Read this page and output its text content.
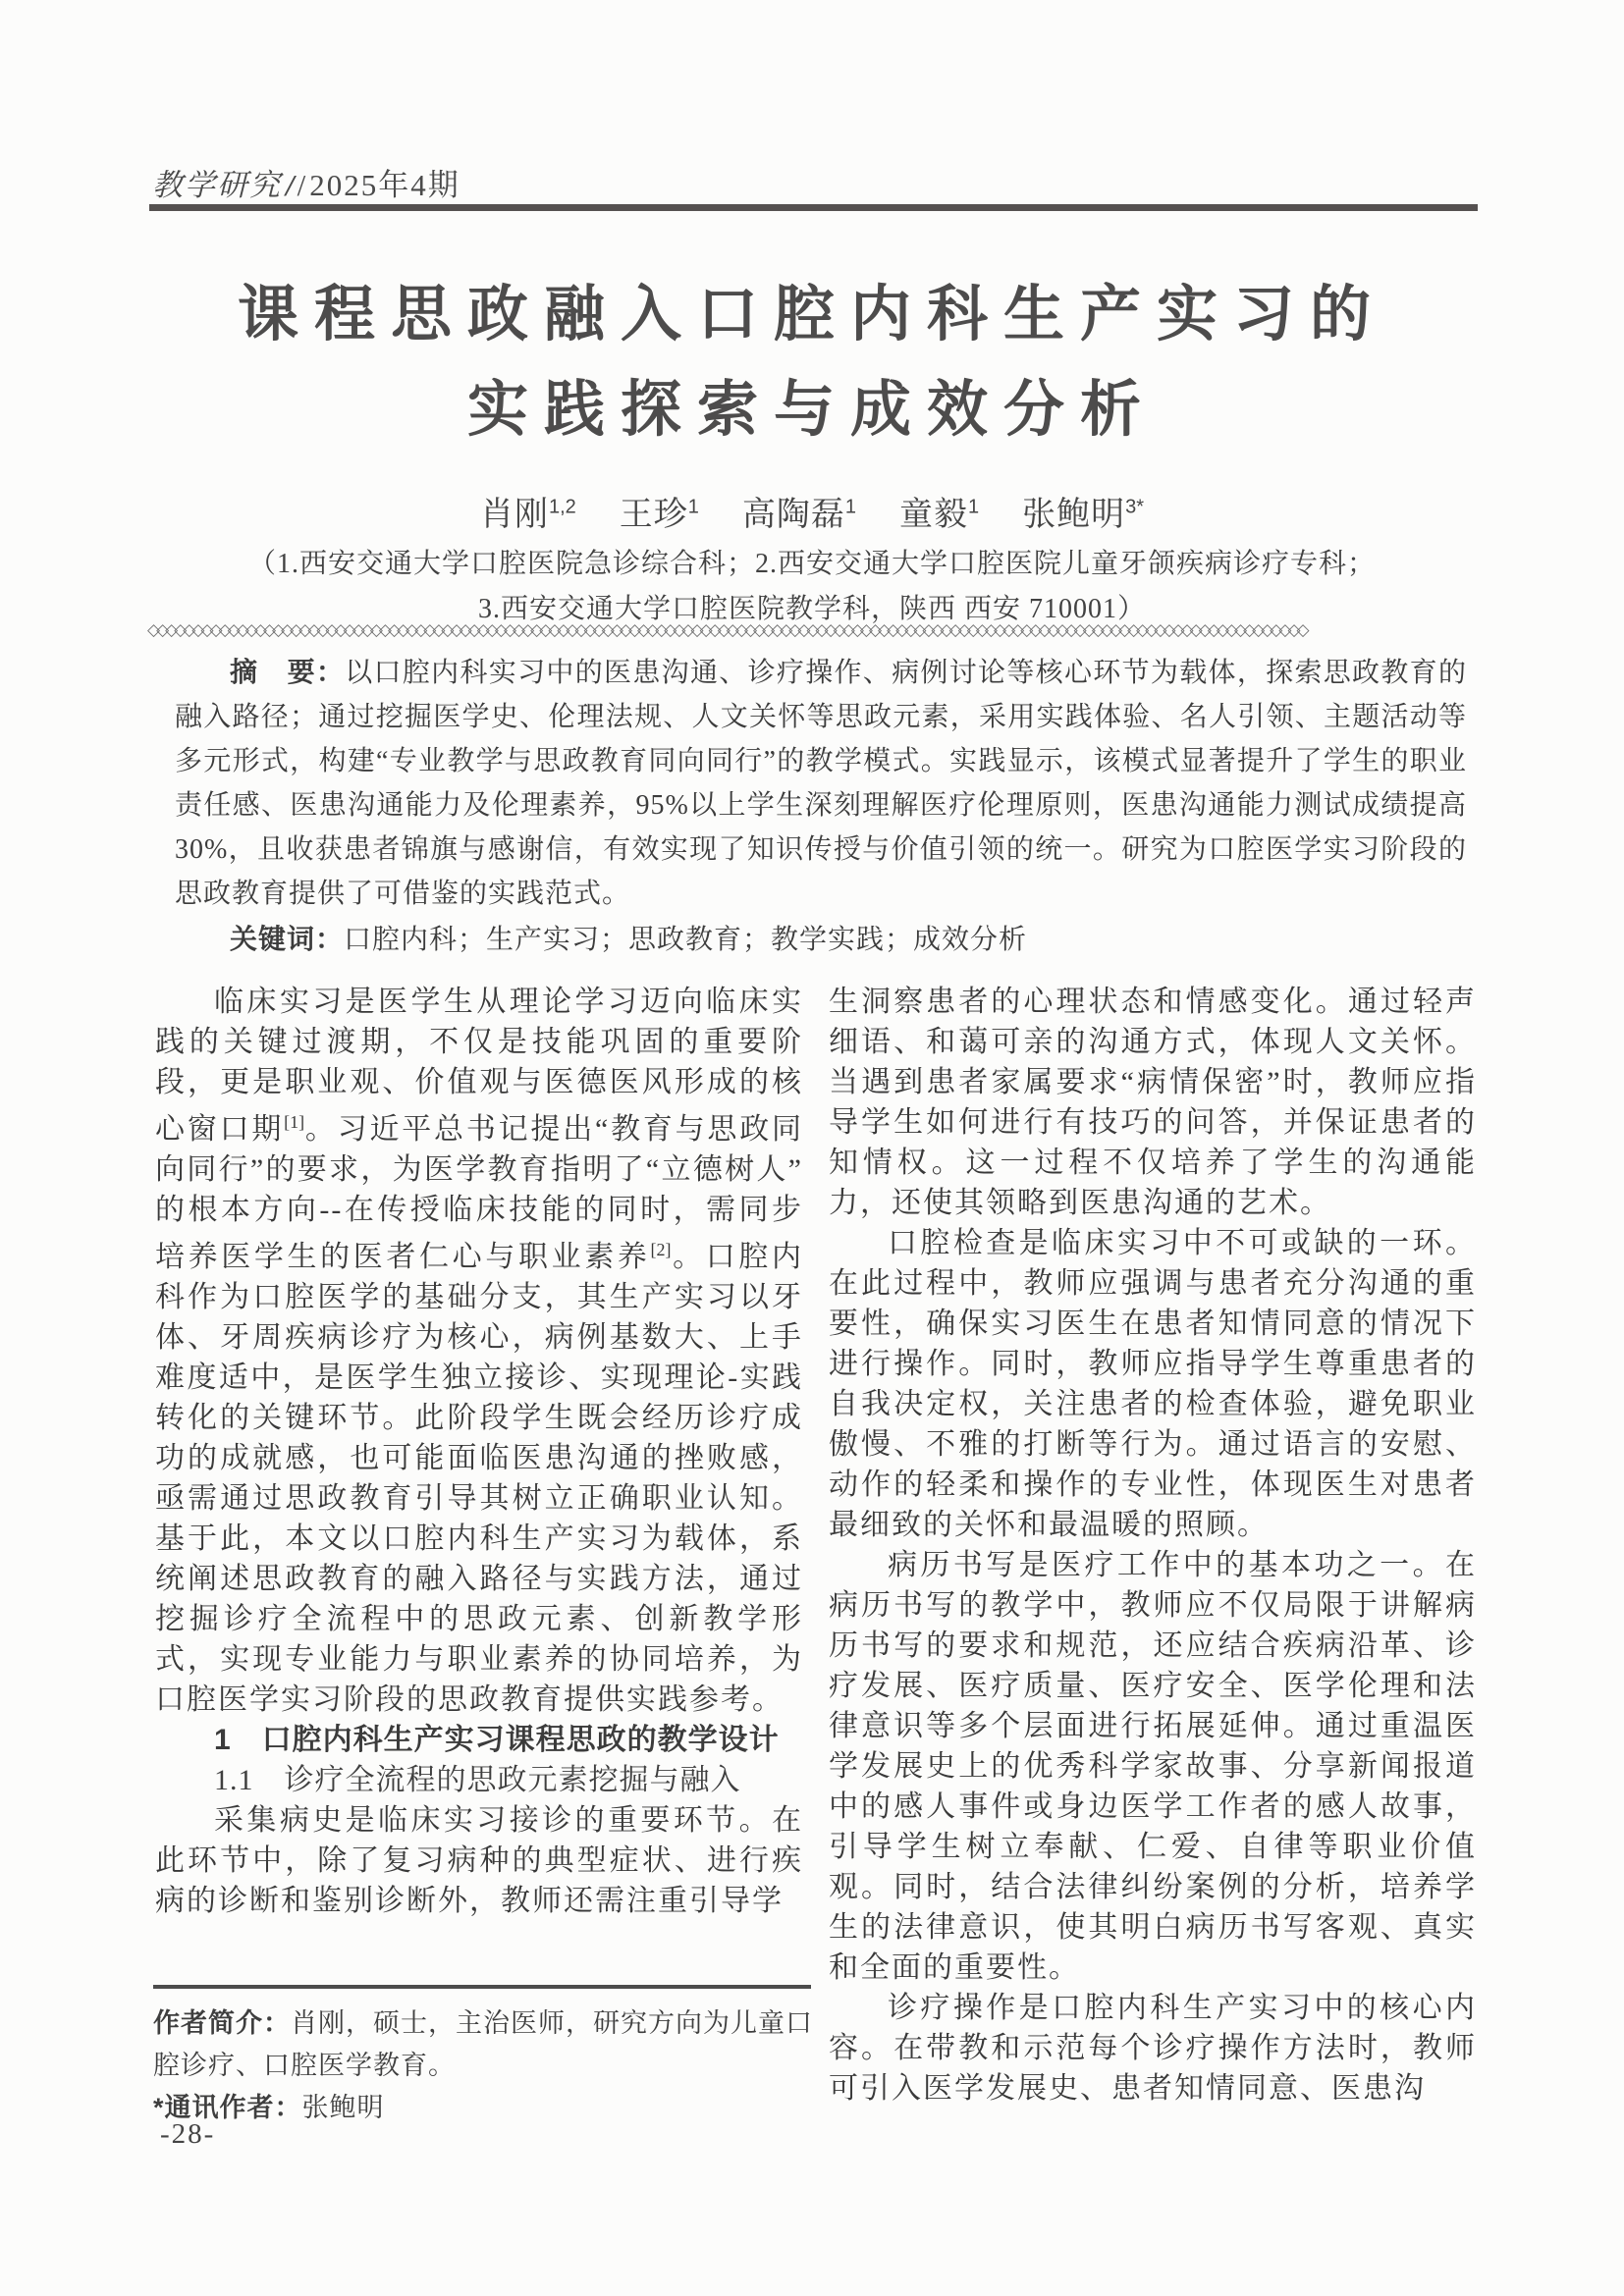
教学研究 //2025年4期
课程思政融入口腔内科生产实习的
实践探索与成效分析
肖刚$^{1,2}$ 王珍$^1$ 高陶磊$^1$ 童毅$^1$ 张鲍明$^{3*}$
（1.西安交通大学口腔医院急诊综合科；2.西安交通大学口腔医院儿童牙颌疾病诊疗专科；
3.西安交通大学口腔医院教学科，陕西 西安 710001）
◇◇◇◇◇◇◇◇◇◇◇◇◇◇◇◇◇◇◇◇◇◇◇◇◇◇◇◇◇◇◇◇◇◇◇◇◇◇◇◇◇◇◇◇◇◇◇◇◇◇◇◇◇◇◇◇◇◇◇◇◇◇◇◇◇◇◇◇◇◇◇◇◇◇◇◇◇◇◇◇◇◇◇◇◇◇◇◇◇◇◇◇◇◇◇◇◇◇◇◇◇◇◇◇◇◇◇◇◇◇◇◇◇◇◇◇◇◇◇◇◇◇◇◇◇◇◇◇◇◇

摘　要：以口腔内科实习中的医患沟通、诊疗操作、病例讨论等核心环节为载体，探索思政教育的融入路径；通过挖掘医学史、伦理法规、人文关怀等思政元素，采用实践体验、名人引领、主题活动等多元形式，构建“专业教学与思政教育同向同行”的教学模式。实践显示，该模式显著提升了学生的职业责任感、医患沟通能力及伦理素养，95%以上学生深刻理解医疗伦理原则，医患沟通能力测试成绩提高30%，且收获患者锦旗与感谢信，有效实现了知识传授与价值引领的统一。研究为口腔医学实习阶段的思政教育提供了可借鉴的实践范式。

关键词：口腔内科；生产实习；思政教育；教学实践；成效分析

临床实习是医学生从理论学习迈向临床实践的关键过渡期，不仅是技能巩固的重要阶段，更是职业观、价值观与医德医风形成的核心窗口期[1]。习近平总书记提出“教育与思政同向同行”的要求，为医学教育指明了“立德树人”的根本方向--在传授临床技能的同时，需同步培养医学生的医者仁心与职业素养[2]。口腔内科作为口腔医学的基础分支，其生产实习以牙体、牙周疾病诊疗为核心，病例基数大、上手难度适中，是医学生独立接诊、实现理论-实践转化的关键环节。此阶段学生既会经历诊疗成功的成就感，也可能面临医患沟通的挫败感，亟需通过思政教育引导其树立正确职业认知。基于此，本文以口腔内科生产实习为载体，系统阐述思政教育的融入路径与实践方法，通过挖掘诊疗全流程中的思政元素、创新教学形式，实现专业能力与职业素养的协同培养，为口腔医学实习阶段的思政教育提供实践参考。

1　口腔内科生产实习课程思政的教学设计

1.1　诊疗全流程的思政元素挖掘与融入

采集病史是临床实习接诊的重要环节。在此环节中，除了复习病种的典型症状、进行疾病的诊断和鉴别诊断外，教师还需注重引导学

生洞察患者的心理状态和情感变化。通过轻声细语、和蔼可亲的沟通方式，体现人文关怀。当遇到患者家属要求“病情保密”时，教师应指导学生如何进行有技巧的问答，并保证患者的知情权。这一过程不仅培养了学生的沟通能力，还使其领略到医患沟通的艺术。

口腔检查是临床实习中不可或缺的一环。在此过程中，教师应强调与患者充分沟通的重要性，确保实习医生在患者知情同意的情况下进行操作。同时，教师应指导学生尊重患者的自我决定权，关注患者的检查体验，避免职业傲慢、不雅的打断等行为。通过语言的安慰、动作的轻柔和操作的专业性，体现医生对患者最细致的关怀和最温暖的照顾。

病历书写是医疗工作中的基本功之一。在病历书写的教学中，教师应不仅局限于讲解病历书写的要求和规范，还应结合疾病沿革、诊疗发展、医疗质量、医疗安全、医学伦理和法律意识等多个层面进行拓展延伸。通过重温医学发展史上的优秀科学家故事、分享新闻报道中的感人事件或身边医学工作者的感人故事，引导学生树立奉献、仁爱、自律等职业价值观。同时，结合法律纠纷案例的分析，培养学生的法律意识，使其明白病历书写客观、真实和全面的重要性。

诊疗操作是口腔内科生产实习中的核心内容。在带教和示范每个诊疗操作方法时，教师可引入医学发展史、患者知情同意、医患沟

作者简介：肖刚，硕士，主治医师，研究方向为儿童口腔诊疗、口腔医学教育。

*通讯作者：张鲍明

-28-
